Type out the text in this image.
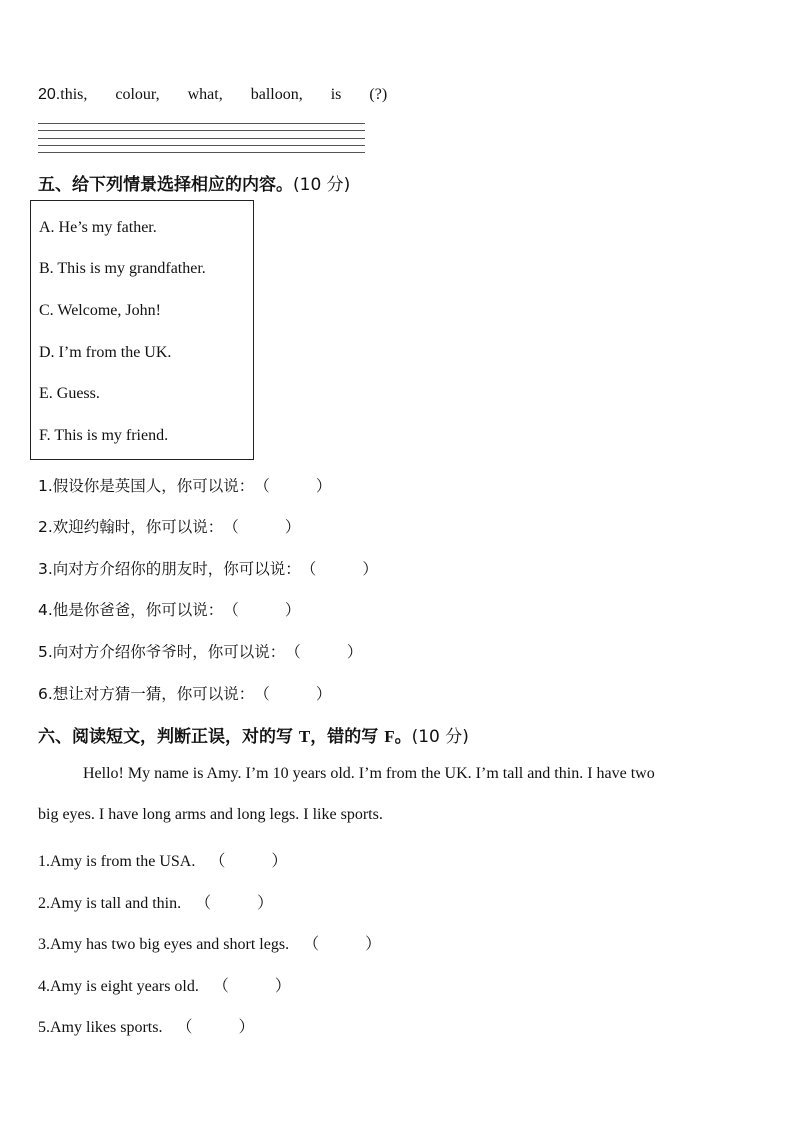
20.this, colour, what, balloon, is (?)
五、给下列情景选择相应的内容。(10 分)
A. He’s my father.
B. This is my grandfather.
C. Welcome, John!
D. I’m from the UK.
E. Guess.
F. This is my friend.
1.假设你是英国人，你可以说：（	）
2.欢迎约翰时，你可以说：（	）
3.向对方介绍你的朋友时，你可以说：（	）
4.他是你爸爸，你可以说：（	）
5.向对方介绍你爷爷时，你可以说：（	）
6.想让对方猜一猜，你可以说：（	）
六、阅读短文，判断正误，对的写 T，错的写 F。(10 分)
Hello! My name is Amy. I’m 10 years old. I’m from the UK. I’m tall and thin. I have two
big eyes. I have long arms and long legs. I like sports.
1.Amy is from the USA. （	）
2.Amy is tall and thin. （	）
3.Amy has two big eyes and short legs. （	）
4.Amy is eight years old. （	）
5.Amy likes sports. （	）
